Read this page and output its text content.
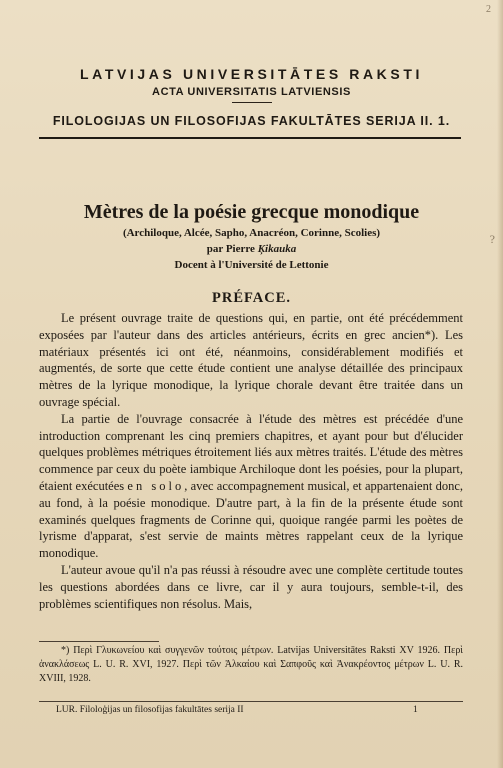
2
?
LATVIJAS UNIVERSITĀTES RAKSTI
ACTA UNIVERSITATIS LATVIENSIS
FILOLOGIJAS UN FILOSOFIJAS FAKULTĀTES SERIJA II. 1.
Mètres de la poésie grecque monodique
(Archiloque, Alcée, Sapho, Anacréon, Corinne, Scolies)
par Pierre Ķikauka
Docent à l'Université de Lettonie
PRÉFACE.

Le présent ouvrage traite de questions qui, en partie, ont été précédemment exposées par l'auteur dans des articles antérieurs, écrits en grec ancien*). Les matériaux présentés ici ont été, néanmoins, considérablement modifiés et augmentés, de sorte que cette étude contient une analyse détaillée des principaux mètres de la lyrique monodique, la lyrique chorale devant être traitée dans un ouvrage spécial.

La partie de l'ouvrage consacrée à l'étude des mètres est précédée d'une introduction comprenant les cinq premiers chapitres, et ayant pour but d'élucider quelques problèmes métriques étroitement liés aux mètres traités. L'étude des mètres commence par ceux du poète iambique Archiloque dont les poésies, pour la plupart, étaient exécutées en solo, avec accompagnement musical, et appartenaient donc, au fond, à la poésie monodique. D'autre part, à la fin de la présente étude sont examinés quelques fragments de Corinne qui, quoique rangée parmi les poètes de lyrisme d'apparat, s'est servie de maints mètres rappelant ceux de la lyrique monodique.

L'auteur avoue qu'il n'a pas réussi à résoudre avec une complète certitude toutes les questions abordées dans ce livre, car il y aura toujours, semble-t-il, des problèmes scientifiques non résolus. Mais,

*) Περὶ Γλυκωνείου καὶ συγγενῶν τούτοις μέτρων. Latvijas Universitātes Raksti XV 1926. Περὶ ἀνακλάσεως L. U. R. XVI, 1927. Περὶ τῶν Ἀλκαίου καὶ Σαπφοῦς καὶ Ἀνακρέοντος μέτρων L. U. R. XVIII, 1928.

LUR. Filoloģijas un filosofijas fakultātes serija II	1
